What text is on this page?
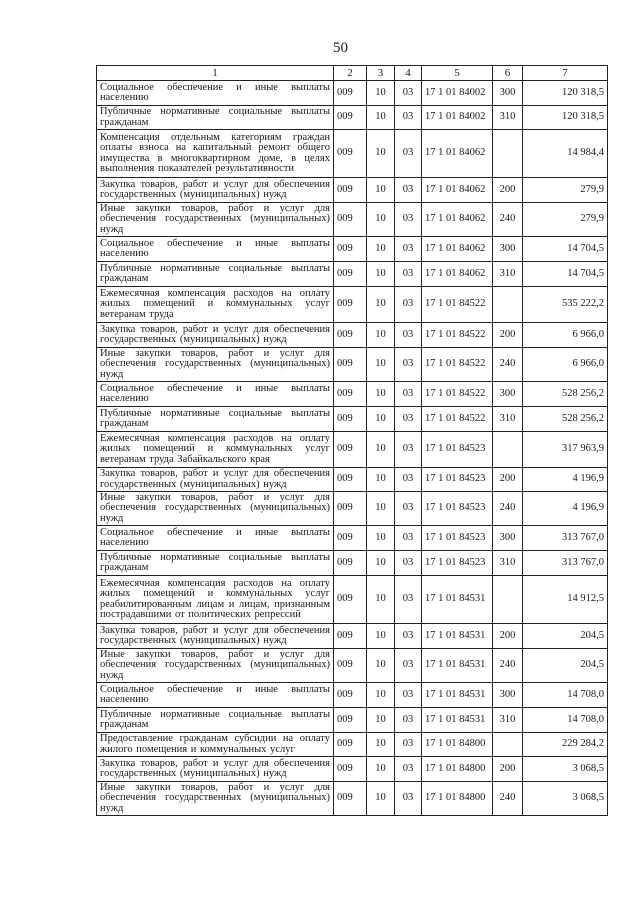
50
1	2	3	4	5	6	7
Социальное обеспечение и иные выплаты населению	009	10	03	17 1 01 84002	300	120 318,5
Публичные нормативные социальные выплаты гражданам	009	10	03	17 1 01 84002	310	120 318,5
Компенсация отдельным категориям граждан оплаты взноса на капитальный ремонт общего имущества в многоквартирном доме, в целях выполнения показателей результативности	009	10	03	17 1 01 84062		14 984,4
Закупка товаров, работ и услуг для обеспечения государственных (муниципальных) нужд	009	10	03	17 1 01 84062	200	279,9
Иные закупки товаров, работ и услуг для обеспечения государственных (муниципальных) нужд	009	10	03	17 1 01 84062	240	279,9
Социальное обеспечение и иные выплаты населению	009	10	03	17 1 01 84062	300	14 704,5
Публичные нормативные социальные выплаты гражданам	009	10	03	17 1 01 84062	310	14 704,5
Ежемесячная компенсация расходов на оплату жилых помещений и коммунальных услуг ветеранам труда	009	10	03	17 1 01 84522		535 222,2
Закупка товаров, работ и услуг для обеспечения государственных (муниципальных) нужд	009	10	03	17 1 01 84522	200	6 966,0
Иные закупки товаров, работ и услуг для обеспечения государственных (муниципальных) нужд	009	10	03	17 1 01 84522	240	6 966,0
Социальное обеспечение и иные выплаты населению	009	10	03	17 1 01 84522	300	528 256,2
Публичные нормативные социальные выплаты гражданам	009	10	03	17 1 01 84522	310	528 256,2
Ежемесячная компенсация расходов на оплату жилых помещений и коммунальных услуг ветеранам труда Забайкальского края	009	10	03	17 1 01 84523		317 963,9
Закупка товаров, работ и услуг для обеспечения государственных (муниципальных) нужд	009	10	03	17 1 01 84523	200	4 196,9
Иные закупки товаров, работ и услуг для обеспечения государственных (муниципальных) нужд	009	10	03	17 1 01 84523	240	4 196,9
Социальное обеспечение и иные выплаты населению	009	10	03	17 1 01 84523	300	313 767,0
Публичные нормативные социальные выплаты гражданам	009	10	03	17 1 01 84523	310	313 767,0
Ежемесячная компенсация расходов на оплату жилых помещений и коммунальных услуг реабилитированным лицам и лицам, признанным пострадавшими от политических репрессий	009	10	03	17 1 01 84531		14 912,5
Закупка товаров, работ и услуг для обеспечения государственных (муниципальных) нужд	009	10	03	17 1 01 84531	200	204,5
Иные закупки товаров, работ и услуг для обеспечения государственных (муниципальных) нужд	009	10	03	17 1 01 84531	240	204,5
Социальное обеспечение и иные выплаты населению	009	10	03	17 1 01 84531	300	14 708,0
Публичные нормативные социальные выплаты гражданам	009	10	03	17 1 01 84531	310	14 708,0
Предоставление гражданам субсидии на оплату жилого помещения и коммунальных услуг	009	10	03	17 1 01 84800		229 284,2
Закупка товаров, работ и услуг для обеспечения государственных (муниципальных) нужд	009	10	03	17 1 01 84800	200	3 068,5
Иные закупки товаров, работ и услуг для обеспечения государственных (муниципальных) нужд	009	10	03	17 1 01 84800	240	3 068,5
